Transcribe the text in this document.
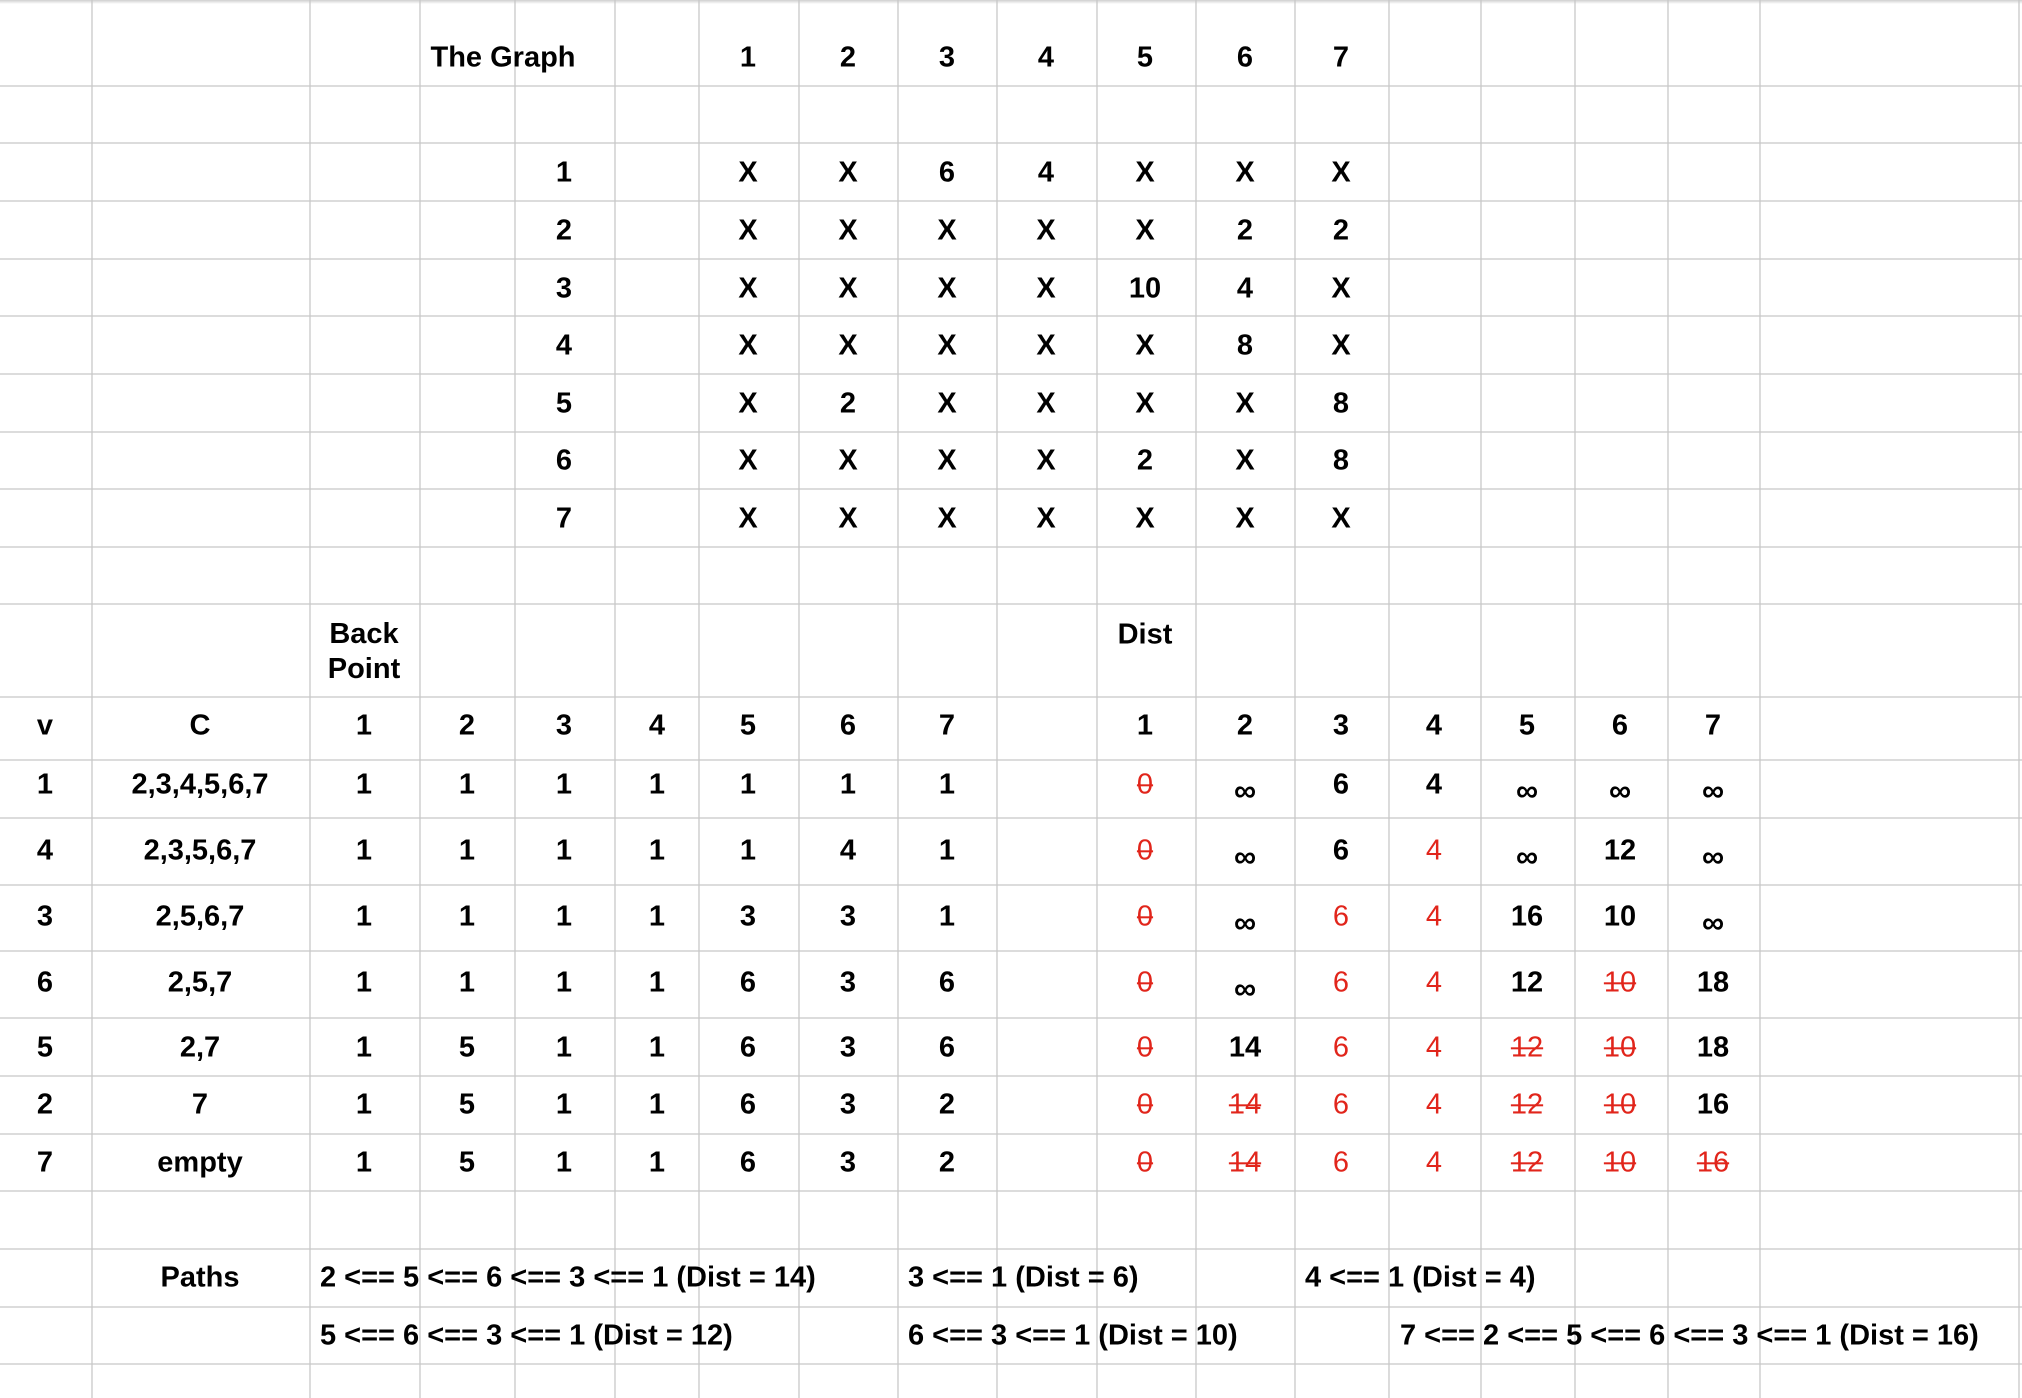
The Graph	1	2	3	4	5	6	7
1	X	X	6	4	X	X	X
2	X	X	X	X	X	2	2
3	X	X	X	X	10	4	X
4	X	X	X	X	X	8	X
5	X	2	X	X	X	X	8
6	X	X	X	X	2	X	8
7	X	X	X	X	X	X	X
Back
Point
Dist
v	C	1	2	3	4	5	6	7	1	2	3	4	5	6	7
1	2,3,4,5,6,7	1	1	1	1	1	1	1	0	∞	6	4 ∞ ∞ ∞
4	2,3,5,6,7	1	1	1	1	1	4	1	0	∞	6	4 ∞ 12 ∞
3	2,5,6,7	1	1	1	1	3	3	1	0	∞	6	4 16 10 ∞
6	2,5,7	1	1	1	1	6	3	6	0	∞	6	4 12 10 18
5	2,7	1	5	1	1	6	3	6	0	14 6	4 12 10 18
2	7	1	5	1	1	6	3	2	0	14 6	4 12 10 16
7	empty	1	5	1	1	6	3	2	0	14 6	4 12 10 16
Paths	2 <== 5 <== 6 <== 3 <== 1 (Dist = 14)	3 <== 1 (Dist = 6)	4 <== 1 (Dist = 4)
5 <== 6 <== 3 <== 1 (Dist = 12)	6 <== 3 <== 1 (Dist = 10)	7 <== 2 <== 5 <== 6 <== 3 <== 1 (Dist = 16)
